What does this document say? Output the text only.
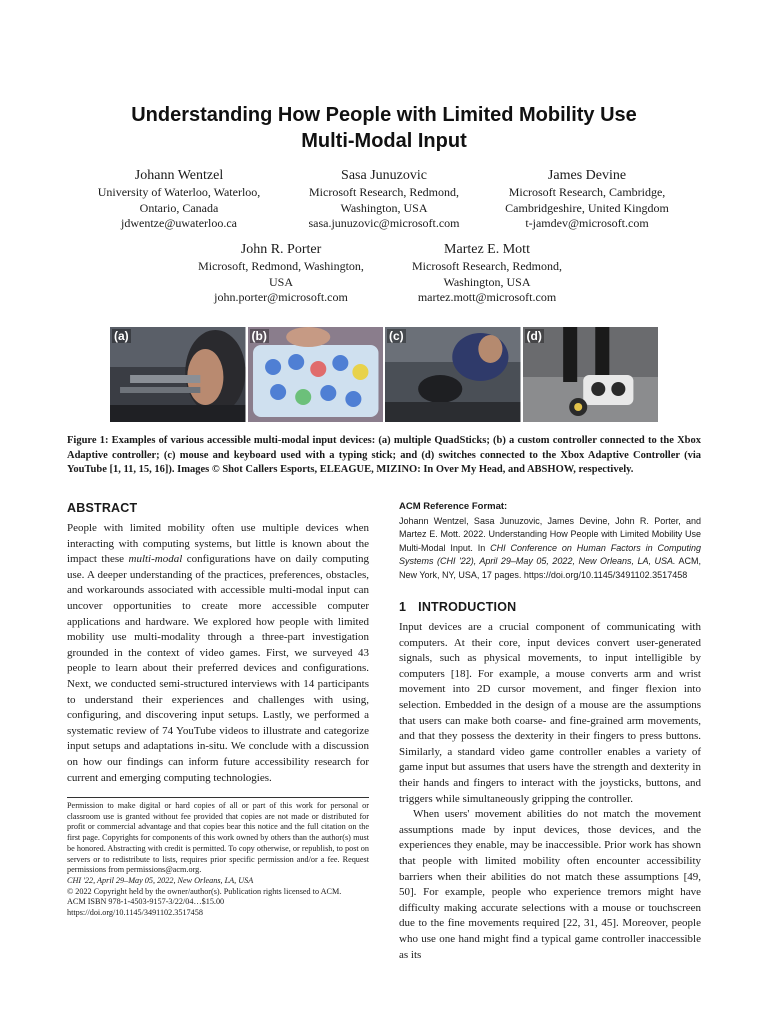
Understanding How People with Limited Mobility Use
Multi-Modal Input
Johann Wentzel
University of Waterloo, Waterloo,
Ontario, Canada
jdwentze@uwaterloo.ca
Sasa Junuzovic
Microsoft Research, Redmond,
Washington, USA
sasa.junuzovic@microsoft.com
James Devine
Microsoft Research, Cambridge,
Cambridgeshire, United Kingdom
t-jamdev@microsoft.com
John R. Porter
Microsoft, Redmond, Washington,
USA
john.porter@microsoft.com
Martez E. Mott
Microsoft Research, Redmond,
Washington, USA
martez.mott@microsoft.com
(a)	(b)	(c)	(d)
Figure 1: Examples of various accessible multi-modal input devices: (a) multiple QuadSticks; (b) a custom controller connected to the Xbox Adaptive controller; (c) mouse and keyboard used with a typing stick; and (d) switches connected to the Xbox Adaptive Controller (via YouTube [1, 11, 15, 16]). Images © Shot Callers Esports, ELEAGUE, MIZINO: In Over My Head, and ABSHOW, respectively.
ABSTRACT

People with limited mobility often use multiple devices when interacting with computing systems, but little is known about the impact these multi-modal configurations have on daily computing use. A deeper understanding of the practices, preferences, obstacles, and workarounds associated with accessible multi-modal input can uncover opportunities to create more accessible computer applications and hardware. We explored how people with limited mobility use multi-modality through a three-part investigation grounded in the context of video games. First, we surveyed 43 people to learn about their preferred devices and configurations. Next, we conducted semi-structured interviews with 14 participants to understand their experiences and challenges with using, configuring, and discovering input setups. Lastly, we performed a systematic review of 74 YouTube videos to illustrate and categorize input setups and adaptations in-situ. We conclude with a discussion on how our findings can inform future accessibility research for current and emerging computing technologies.

Permission to make digital or hard copies of all or part of this work for personal or classroom use is granted without fee provided that copies are not made or distributed for profit or commercial advantage and that copies bear this notice and the full citation on the first page. Copyrights for components of this work owned by others than the author(s) must be honored. Abstracting with credit is permitted. To copy otherwise, or republish, to post on servers or to redistribute to lists, requires prior specific permission and/or a fee. Request permissions from permissions@acm.org.

CHI '22, April 29–May 05, 2022, New Orleans, LA, USA

© 2022 Copyright held by the owner/author(s). Publication rights licensed to ACM.

ACM ISBN 978-1-4503-9157-3/22/04…$15.00

https://doi.org/10.1145/3491102.3517458

ACM Reference Format:

Johann Wentzel, Sasa Junuzovic, James Devine, John R. Porter, and Martez E. Mott. 2022. Understanding How People with Limited Mobility Use Multi-Modal Input. In CHI Conference on Human Factors in Computing Systems (CHI '22), April 29–May 05, 2022, New Orleans, LA, USA. ACM, New York, NY, USA, 17 pages. https://doi.org/10.1145/3491102.3517458

1 INTRODUCTION

Input devices are a crucial component of communicating with computers. At their core, input devices convert user-generated signals, such as physical movements, to input intelligible by computers [18]. For example, a mouse converts arm and wrist movement into 2D cursor movement, and finger flexion into selection. Embedded in the design of a mouse are the assumptions that users can make both coarse- and fine-grained arm movements, and that they possess the dexterity in their fingers to press buttons. Similarly, a standard video game controller enables a variety of game input but assumes that users have the strength and dexterity in their hands and fingers to interact with the joysticks, buttons, and triggers while simultaneously gripping the controller.

When users' movement abilities do not match the movement assumptions made by input devices, those devices, and the experiences they enable, may be inaccessible. Prior work has shown that people with limited mobility often encounter accessibility barriers when their abilities do not match these assumptions [49, 50]. For example, people who experience tremors might have difficulty making accurate selections with a mouse or touchscreen due to the fine movements required [22, 31, 45]. Moreover, people who use one hand might find a typical game controller inaccessible as its
